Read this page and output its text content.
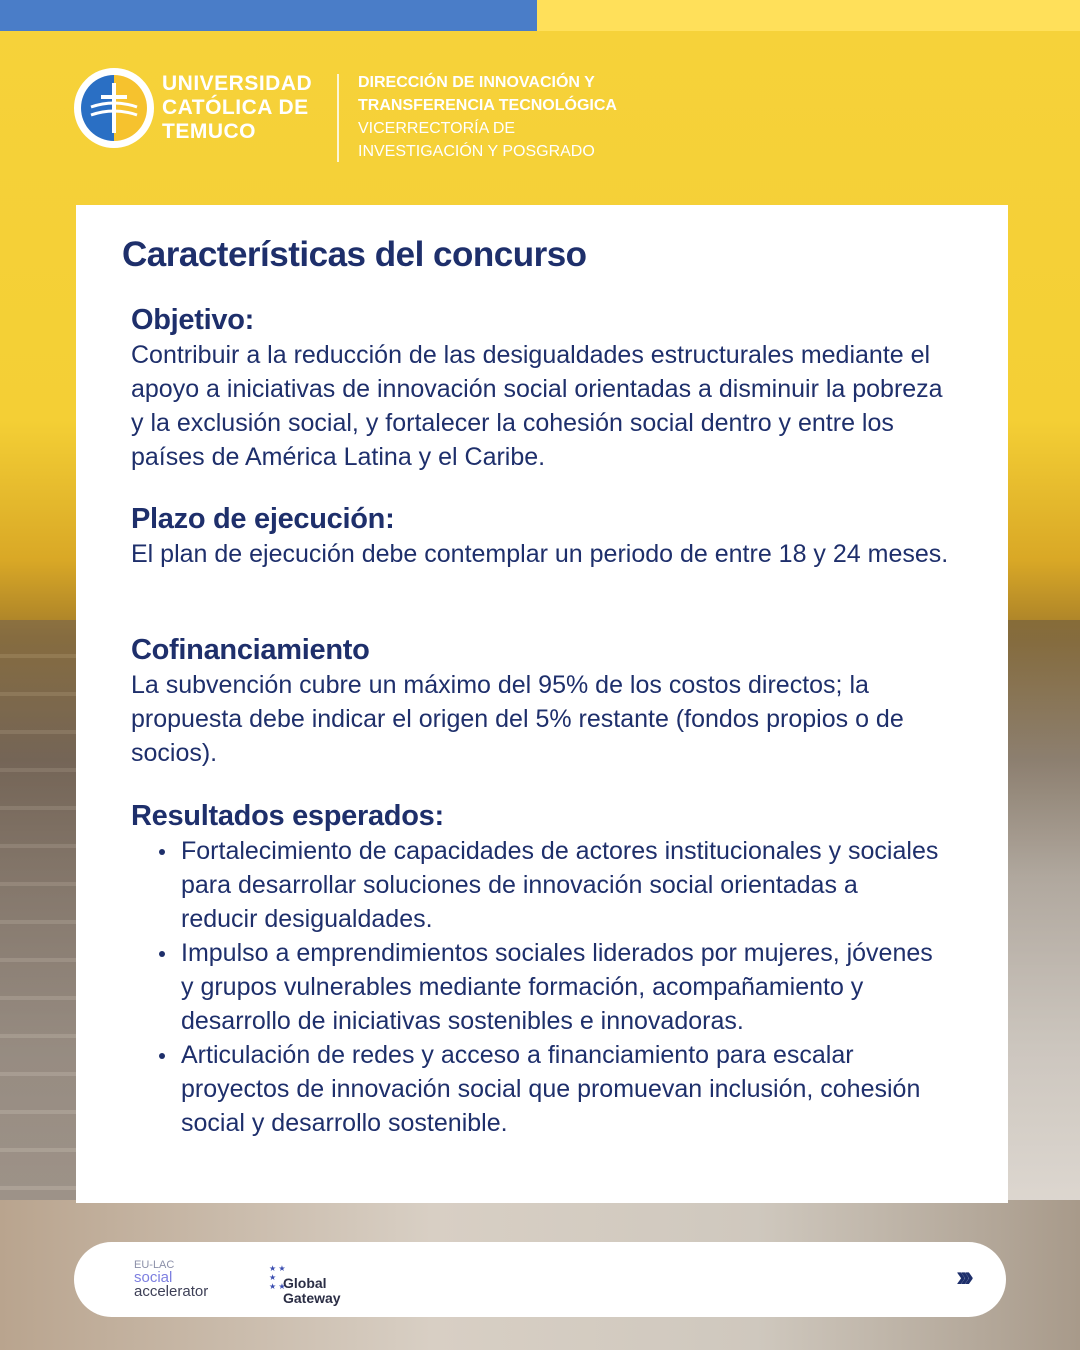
UNIVERSIDAD
CATÓLICA DE
TEMUCO
DIRECCIÓN DE INNOVACIÓN Y
TRANSFERENCIA TECNOLÓGICA
VICERRECTORÍA DE
INVESTIGACIÓN Y POSGRADO
Características del concurso
Objetivo:

Contribuir a la reducción de las desigualdades estructurales mediante el apoyo a iniciativas de innovación social orientadas a disminuir la pobreza y la exclusión social, y fortalecer la cohesión social dentro y entre los países de América Latina y el Caribe.

Plazo de ejecución:

El plan de ejecución debe contemplar un periodo de entre 18 y 24 meses.

Cofinanciamiento

La subvención cubre un máximo del 95% de los costos directos; la propuesta debe indicar el origen del 5% restante (fondos propios o de socios).

Resultados esperados:
Fortalecimiento de capacidades de actores institucionales y sociales para desarrollar soluciones de innovación social orientadas a reducir desigualdades.
Impulso a emprendimientos sociales liderados por mujeres, jóvenes y grupos vulnerables mediante formación, acompañamiento y desarrollo de iniciativas sostenibles e innovadoras.
Articulación de redes y acceso a financiamiento para escalar proyectos de innovación social que promuevan inclusión, cohesión social y desarrollo sostenible.
EU-LAC
social
accelerator
★ ★
★
★ ★
Global
Gateway
›››
